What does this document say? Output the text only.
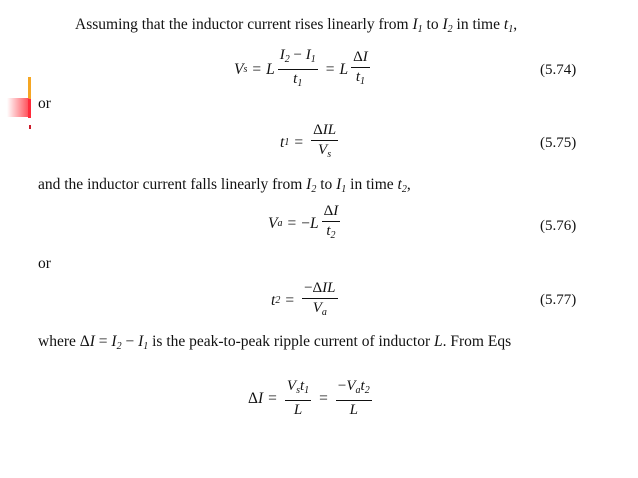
Assuming that the inductor current rises linearly from $I_1$ to $I_2$ in time $t_1$,
V s = L $\frac{I_2 - I_1}{t_1} = L \frac{\Delta I}{t_1}$	(5.74)
or
t $1 = \frac{\text{ΔIL}}{V_s}$	(5.75)
and the inductor current falls linearly from $I_2$ to $I_1$ in time $t_2$,
V $a = -L \frac{\Delta I}{t_2}$	(5.76)
or
t $2 = \frac{\text{−ΔIL}}{V_a}$	(5.77)
where $\Delta I = I_2 - I_1$ is the peak-to-peak ripple current of inductor L. From Eqs
Δ $I = \frac{V_st_1}{L} = \frac{-V_at_2}{L}$
